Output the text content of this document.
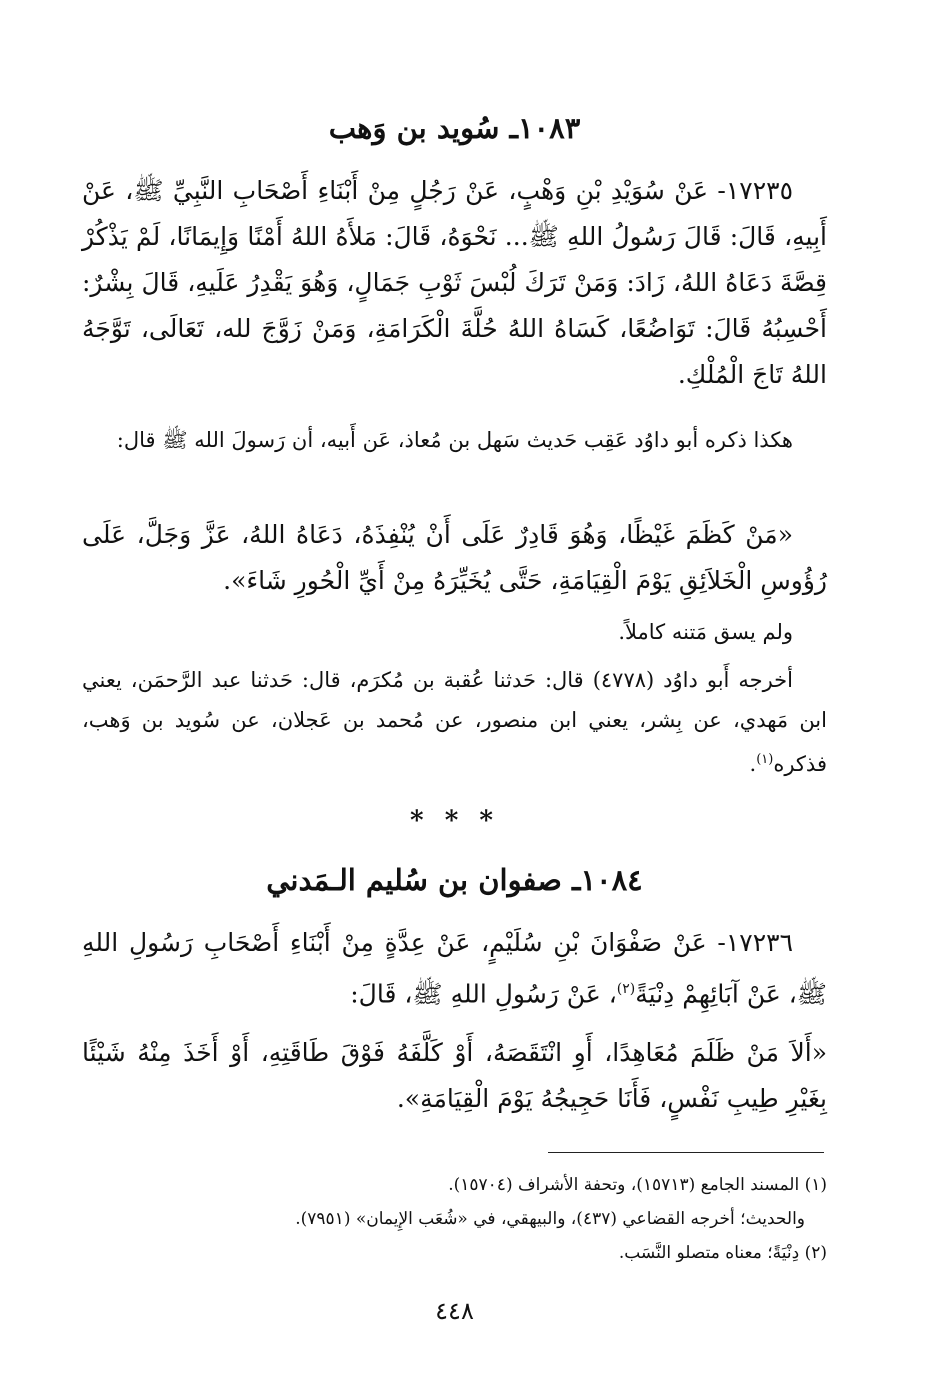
١٠٨٣ـ سُويد بن وَهب
١٧٢٣٥- عَنْ سُوَيْدِ بْنِ وَهْبٍ، عَنْ رَجُلٍ مِنْ أَبْنَاءِ أَصْحَابِ النَّبِيِّ ﷺ، عَنْ أَبِيهِ، قَالَ: قَالَ رَسُولُ اللهِ ﷺ... نَحْوَهُ، قَالَ: مَلأَهُ اللهُ أَمْنًا وَإِيمَانًا، لَمْ يَذْكُرْ قِصَّةَ دَعَاهُ اللهُ، زَادَ: وَمَنْ تَرَكَ لُبْسَ ثَوْبِ جَمَالٍ، وَهُوَ يَقْدِرُ عَلَيهِ، قَالَ بِشْرٌ: أَحْسِبُهُ قَالَ: تَوَاضُعًا، كَسَاهُ اللهُ حُلَّةَ الْكَرَامَةِ، وَمَنْ زَوَّجَ لله، تَعَالَى، تَوَّجَهُ اللهُ تَاجَ الْمُلْكِ.

هكذا ذكره أبو داوُد عَقِب حَديث سَهل بن مُعاذ، عَن أَبيه، أن رَسولَ الله ﷺ قال:

«مَنْ كَظَمَ غَيْظًا، وَهُوَ قَادِرٌ عَلَى أَنْ يُنْفِذَهُ، دَعَاهُ اللهُ، عَزَّ وَجَلَّ، عَلَى رُؤُوسِ الْخَلاَئِقِ يَوْمَ الْقِيَامَةِ، حَتَّى يُخَيِّرَهُ مِنْ أَيِّ الْحُورِ شَاءَ».

ولم يسق مَتنه كاملاً.

أخرجه أَبو داوُد (٤٧٧٨) قال: حَدثنا عُقبة بن مُكرَم، قال: حَدثنا عبد الرَّحمَن، يعني ابن مَهدي، عن بِشر، يعني ابن منصور، عن مُحمد بن عَجلان، عن سُويد بن وَهب، فذكره$^{(١)}$.

* * *
١٠٨٤ـ صفوان بن سُليم الـمَدني
١٧٢٣٦- عَنْ صَفْوَانَ بْنِ سُلَيْمٍ، عَنْ عِدَّةٍ مِنْ أَبْنَاءِ أَصْحَابِ رَسُولِ اللهِ ﷺ، عَنْ آبَائِهِمْ دِنْيَةً$^{(٢)}$، عَنْ رَسُولِ اللهِ ﷺ، قَالَ:
«أَلاَ مَنْ ظَلَمَ مُعَاهِدًا، أَوِ انْتَقَصَهُ، أَوْ كَلَّفَهُ فَوْقَ طَاقَتِهِ، أَوْ أَخَذَ مِنْهُ شَيْئًا بِغَيْرِ طِيبِ نَفْسٍ، فَأَنَا حَجِيجُهُ يَوْمَ الْقِيَامَةِ».

(١) المسند الجامع (١٥٧١٣)، وتحفة الأشراف (١٥٧٠٤).

والحديث؛ أخرجه القضاعي (٤٣٧)، والبيهقي، في «شُعَب الإِيمان» (٧٩٥١).

(٢) دِنْيَةً؛ معناه متصلو النَّسَب.

٤٤٨
